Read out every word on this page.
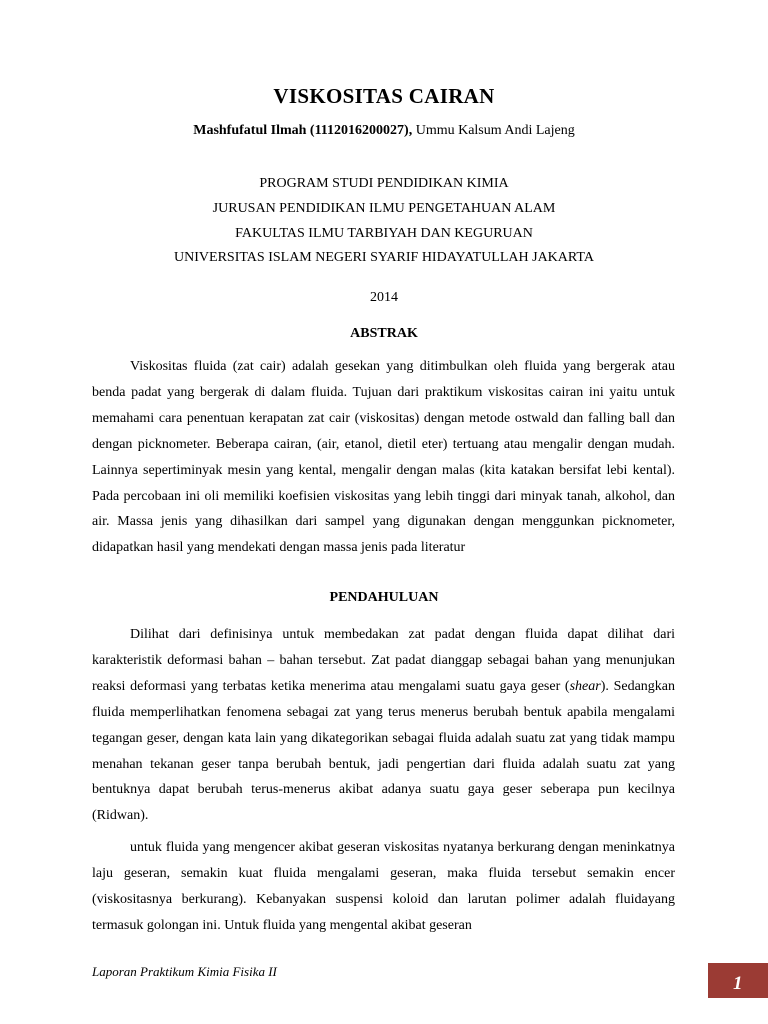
VISKOSITAS CAIRAN
Mashfufatul Ilmah (1112016200027), Ummu Kalsum Andi Lajeng
PROGRAM STUDI PENDIDIKAN KIMIA
JURUSAN PENDIDIKAN ILMU PENGETAHUAN ALAM
FAKULTAS ILMU TARBIYAH DAN KEGURUAN
UNIVERSITAS ISLAM NEGERI SYARIF HIDAYATULLAH JAKARTA
2014
ABSTRAK

Viskositas fluida (zat cair) adalah gesekan yang ditimbulkan oleh fluida yang bergerak atau benda padat yang bergerak di dalam fluida. Tujuan dari praktikum viskositas cairan ini yaitu untuk memahami cara penentuan kerapatan zat cair (viskositas) dengan metode ostwald dan falling ball dan dengan picknometer. Beberapa cairan, (air, etanol, dietil eter) tertuang atau mengalir dengan mudah. Lainnya sepertiminyak mesin yang kental, mengalir dengan malas (kita katakan bersifat lebi kental). Pada percobaan ini oli memiliki koefisien viskositas yang lebih tinggi dari minyak tanah, alkohol, dan air. Massa jenis yang dihasilkan dari sampel yang digunakan dengan menggunkan picknometer, didapatkan hasil yang mendekati dengan massa jenis pada literatur

PENDAHULUAN

Dilihat dari definisinya untuk membedakan zat padat dengan fluida dapat dilihat dari karakteristik deformasi bahan – bahan tersebut. Zat padat dianggap sebagai bahan yang menunjukan reaksi deformasi yang terbatas ketika menerima atau mengalami suatu gaya geser (shear). Sedangkan fluida memperlihatkan fenomena sebagai zat yang terus menerus berubah bentuk apabila mengalami tegangan geser, dengan kata lain yang dikategorikan sebagai fluida adalah suatu zat yang tidak mampu menahan tekanan geser tanpa berubah bentuk, jadi pengertian dari fluida adalah suatu zat yang bentuknya dapat berubah terus-menerus akibat adanya suatu gaya geser seberapa pun kecilnya (Ridwan).

untuk fluida yang mengencer akibat geseran viskositas nyatanya berkurang dengan meninkatnya laju geseran, semakin kuat fluida mengalami geseran, maka fluida tersebut semakin encer (viskositasnya berkurang). Kebanyakan suspensi koloid dan larutan polimer adalah fluidayang termasuk golongan ini. Untuk fluida yang mengental akibat geseran

Laporan Praktikum Kimia Fisika II
1
